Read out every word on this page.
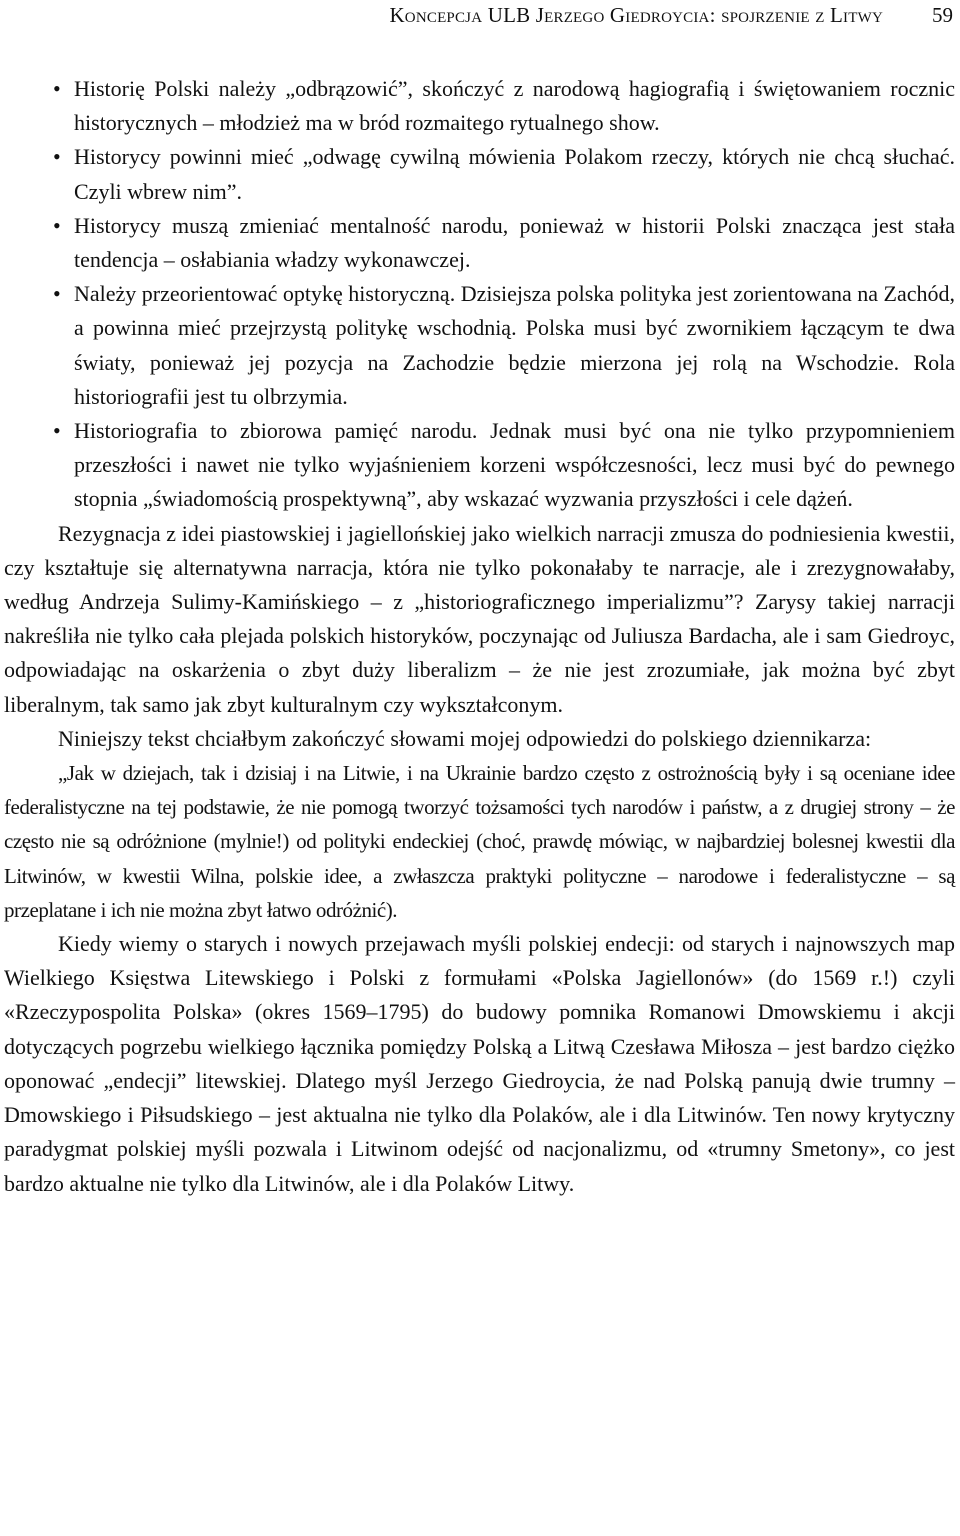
Koncepcja ULB Jerzego Giedroycia: spojrzenie z Litwy 59
• Historię Polski należy „odbrązowić”, skończyć z narodową hagiografią i świętowaniem rocznic historycznych – młodzież ma w bród rozmaitego rytualnego show.
• Historycy powinni mieć „odwagę cywilną mówienia Polakom rzeczy, których nie chcą słuchać. Czyli wbrew nim”.
• Historycy muszą zmieniać mentalność narodu, ponieważ w historii Polski znacząca jest stała tendencja – osłabiania władzy wykonawczej.
• Należy przeorientować optykę historyczną. Dzisiejsza polska polityka jest zorientowana na Zachód, a powinna mieć przejrzystą politykę wschodnią. Polska musi być zwornikiem łączącym te dwa światy, ponieważ jej pozycja na Zachodzie będzie mierzona jej rolą na Wschodzie. Rola historiografii jest tu olbrzymia.
• Historiografia to zbiorowa pamięć narodu. Jednak musi być ona nie tylko przypomnieniem przeszłości i nawet nie tylko wyjaśnieniem korzeni współczesności, lecz musi być do pewnego stopnia „świadomością prospektywną”, aby wskazać wyzwania przyszłości i cele dążeń.

Rezygnacja z idei piastowskiej i jagiellońskiej jako wielkich narracji zmusza do podniesienia kwestii, czy kształtuje się alternatywna narracja, która nie tylko pokonałaby te narracje, ale i zrezygnowałaby, według Andrzeja Sulimy-Kamińskiego – z „historiograficznego imperializmu”? Zarysy takiej narracji nakreśliła nie tylko cała plejada polskich historyków, poczynając od Juliusza Bardacha, ale i sam Giedroyc, odpowiadając na oskarżenia o zbyt duży liberalizm – że nie jest zrozumiałe, jak można być zbyt liberalnym, tak samo jak zbyt kulturalnym czy wykształconym.

Niniejszy tekst chciałbym zakończyć słowami mojej odpowiedzi do polskiego dziennikarza:

„Jak w dziejach, tak i dzisiaj i na Litwie, i na Ukrainie bardzo często z ostrożnością były i są oceniane idee federalistyczne na tej podstawie, że nie pomogą tworzyć tożsamości tych narodów i państw, a z drugiej strony – że często nie są odróżnione (mylnie!) od polityki endeckiej (choć, prawdę mówiąc, w najbardziej bolesnej kwestii dla Litwinów, w kwestii Wilna, polskie idee, a zwłaszcza praktyki polityczne – narodowe i federalistyczne – są przeplatane i ich nie można zbyt łatwo odróżnić).

Kiedy wiemy o starych i nowych przejawach myśli polskiej endecji: od starych i najnowszych map Wielkiego Księstwa Litewskiego i Polski z formułami «Polska Jagiellonów» (do 1569 r.!) czyli «Rzeczypospolita Polska» (okres 1569–1795) do budowy pomnika Romanowi Dmowskiemu i akcji dotyczących pogrzebu wielkiego łącznika pomiędzy Polską a Litwą Czesława Miłosza – jest bardzo ciężko oponować „endecji” litewskiej. Dlatego myśl Jerzego Giedroycia, że nad Polską panują dwie trumny – Dmowskiego i Piłsudskiego – jest aktualna nie tylko dla Polaków, ale i dla Litwinów. Ten nowy krytyczny paradygmat polskiej myśli pozwala i Litwinom odejść od nacjonalizmu, od «trumny Smetony», co jest bardzo aktualne nie tylko dla Litwinów, ale i dla Polaków Litwy.
